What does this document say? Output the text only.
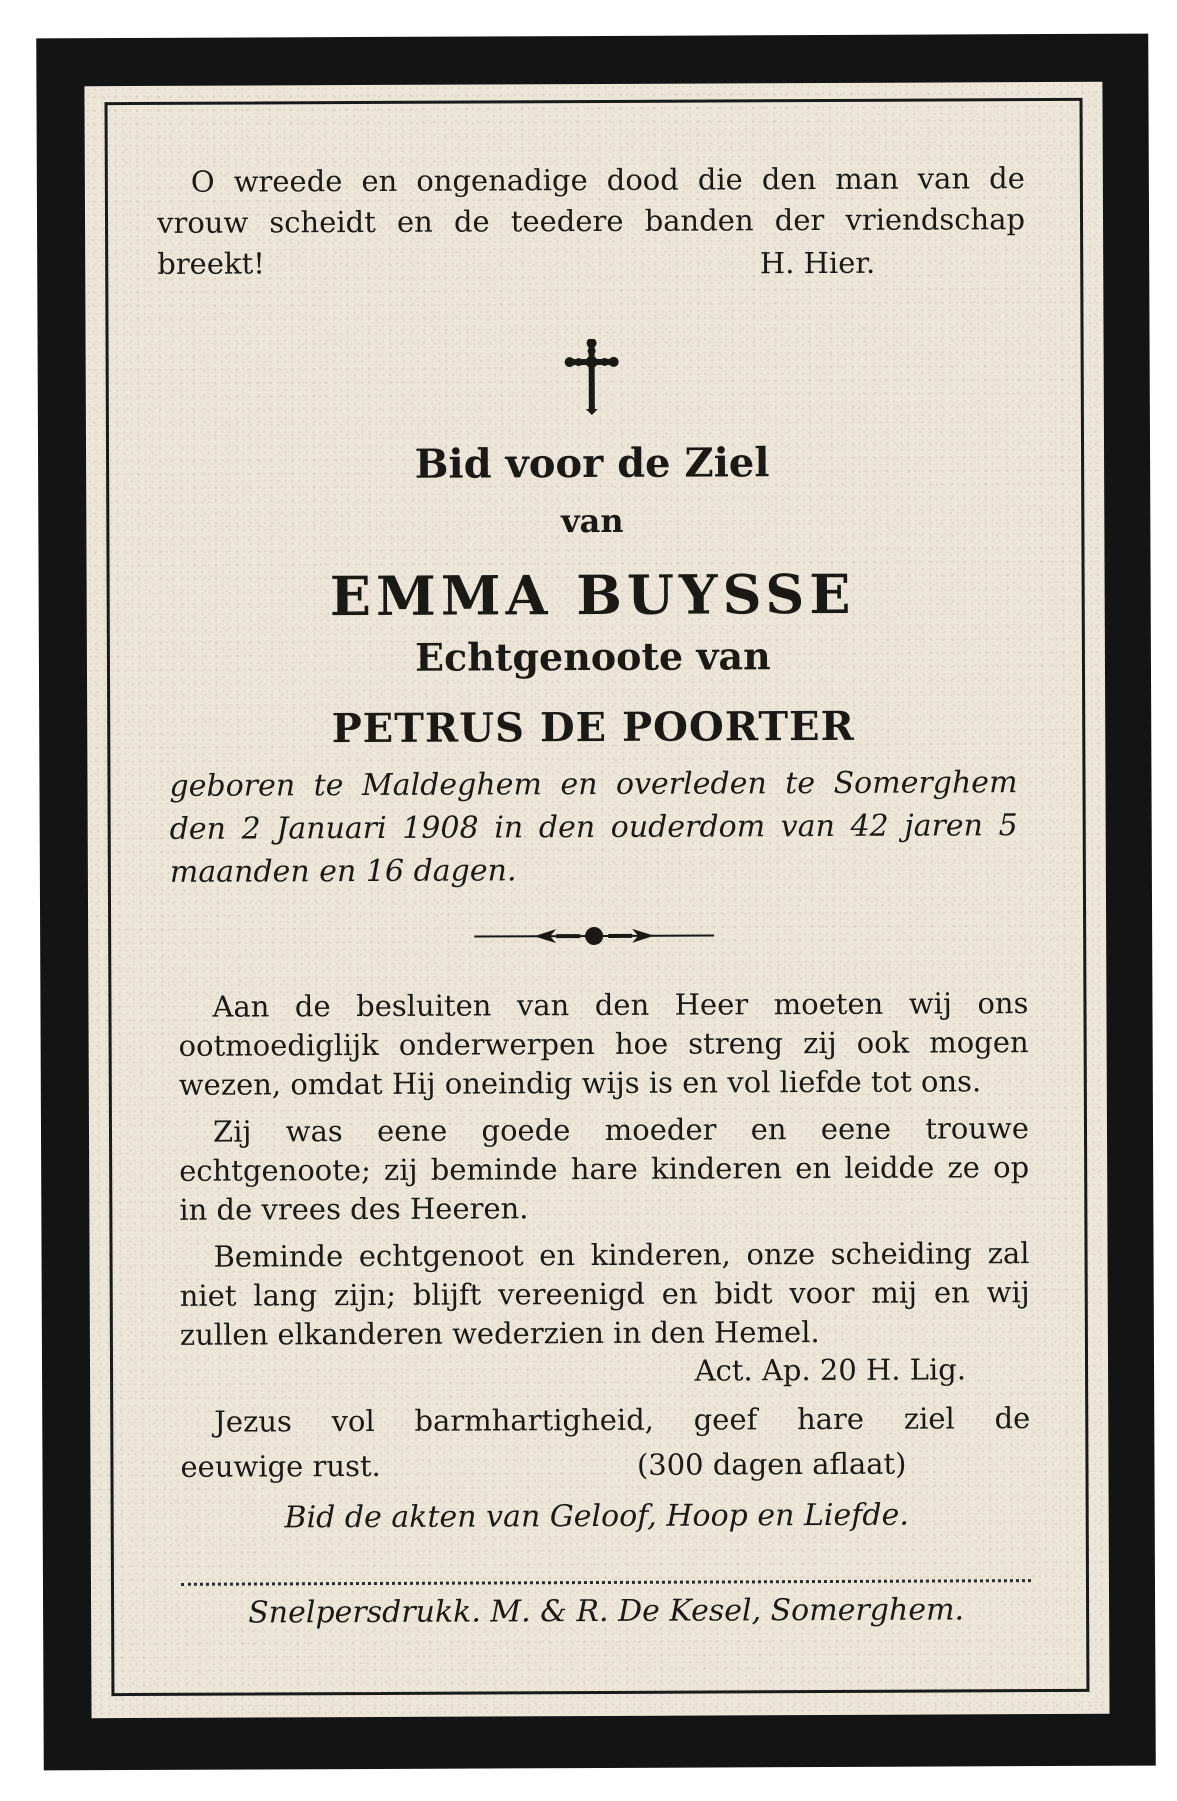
O wreede en ongenadige dood die den man van de vrouw scheidt en de teedere banden der vriendschap breekt!	H. Hier.

Bid voor de Ziel

van

EMMA BUYSSE

Echtgenoote van

PETRUS DE POORTER

geboren te Maldeghem en overleden te Somerghem den 2 Januari 1908 in den ouderdom van 42 jaren 5 maanden en 16 dagen.

Aan de besluiten van den Heer moeten wij ons ootmoediglijk onderwerpen hoe streng zij ook mogen wezen, omdat Hij oneindig wijs is en vol liefde tot ons.

Zij was eene goede moeder en eene trouwe echtgenoote; zij beminde hare kinderen en leidde ze op in de vrees des Heeren.

Beminde echtgenoot en kinderen, onze scheiding zal niet lang zijn; blijft vereenigd en bidt voor mij en wij zullen elkanderen wederzien in den Hemel.

Act. Ap. 20 H. Lig.

Jezus vol barmhartigheid, geef hare ziel de

eeuwige rust.	(300 dagen aflaat)

Bid de akten van Geloof, Hoop en Liefde.

Snelpersdrukk. M. & R. De Kesel, Somerghem.
